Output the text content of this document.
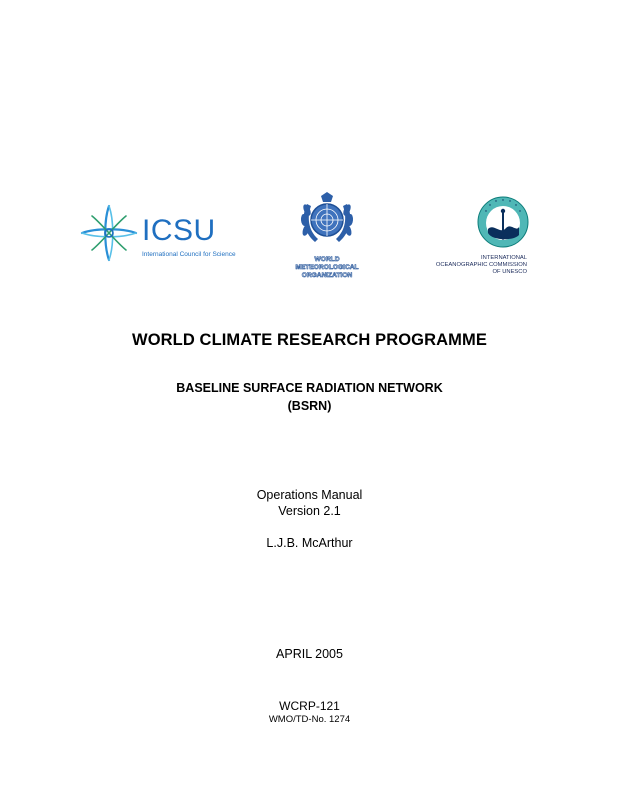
ICSU
International Council for Science
WORLD
METEOROLOGICAL
ORGANIZATION
INTERNATIONAL
OCEANOGRAPHIC COMMISSION
OF UNESCO
WORLD CLIMATE RESEARCH PROGRAMME
BASELINE SURFACE RADIATION NETWORK
(BSRN)
Operations Manual
Version 2.1
L.J.B. McArthur
APRIL 2005
WCRP-121
WMO/TD-No. 1274
